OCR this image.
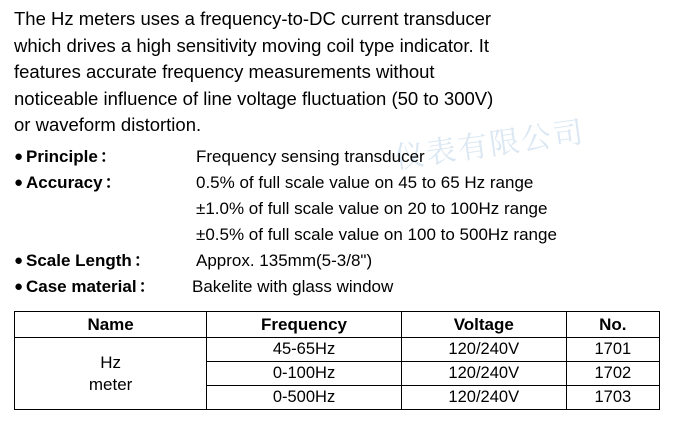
仪表有限公司
The Hz meters uses a frequency-to-DC current transducer
which drives a high sensitivity moving coil type indicator. It
features accurate frequency measurements without
noticeable influence of line voltage fluctuation (50 to 300V)
or waveform distortion.
● Principle ：	Frequency sensing transducer
● Accuracy ：	0.5% of full scale value on 45 to 65 Hz range
±1.0% of full scale value on 20 to 100Hz range
±0.5% of full scale value on 100 to 500Hz range
● Scale Length ：	Approx. 135mm(5-3/8")
● Case material ： Bakelite with glass window
Name	Frequency	Voltage	No.

Hz
meter	45-65Hz	120/240V	1701
	0-100Hz	120/240V	1702
	0-500Hz	120/240V	1703
